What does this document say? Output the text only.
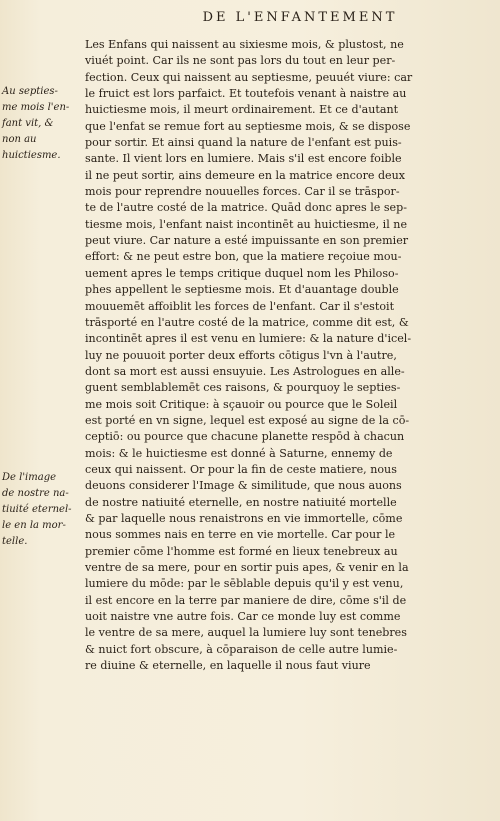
DE L'ENFANTEMENT
Au septies-
me mois l'en-
fant vit, &
non au
huictiesme.
De l'image
de nostre na-
tiuité eternel-
le en la mor-
telle.
Les Enfans qui naissent au sixiesme mois, & plustost, ne
viuét point. Car ils ne sont pas lors du tout en leur per-
fection. Ceux qui naissent au septiesme, peuuét viure: car
le fruict est lors parfaict. Et toutefois venant à naistre au
huictiesme mois, il meurt ordinairement. Et ce d'autant
que l'enfat se remue fort au septiesme mois, & se dispose
pour sortir. Et ainsi quand la nature de l'enfant est puis-
sante. Il vient lors en lumiere. Mais s'il est encore foible
il ne peut sortir, ains demeure en la matrice encore deux
mois pour reprendre nouuelles forces. Car il se trāspor-
te de l'autre costé de la matrice. Quād donc apres le sep-
tiesme mois, l'enfant naist incontinēt au huictiesme, il ne
peut viure. Car nature a esté impuissante en son premier
effort: & ne peut estre bon, que la matiere reçoiue mou-
uement apres le temps critique duquel nom les Philoso-
phes appellent le septiesme mois. Et d'auantage double
mouuemēt affoiblit les forces de l'enfant. Car il s'estoit
trāsporté en l'autre costé de la matrice, comme dit est, &
incontinēt apres il est venu en lumiere: & la nature d'icel-
luy ne pouuoit porter deux efforts cōtigus l'vn à l'autre,
dont sa mort est aussi ensuyuie. Les Astrologues en alle-
guent semblablemēt ces raisons, & pourquoy le septies-
me mois soit Critique: à sçauoir ou pource que le Soleil
est porté en vn signe, lequel est exposé au signe de la cō-
ceptiō: ou pource que chacune planette respōd à chacun
mois: & le huictiesme est donné à Saturne, ennemy de
ceux qui naissent. Or pour la fin de ceste matiere, nous
deuons considerer l'Image & similitude, que nous auons
de nostre natiuité eternelle, en nostre natiuité mortelle
& par laquelle nous renaistrons en vie immortelle, cōme
nous sommes nais en terre en vie mortelle. Car pour le
premier cōme l'homme est formé en lieux tenebreux au
ventre de sa mere, pour en sortir puis apes, & venir en la
lumiere du mōde: par le sēblable depuis qu'il y est venu,
il est encore en la terre par maniere de dire, cōme s'il de
uoit naistre vne autre fois. Car ce monde luy est comme
le ventre de sa mere, auquel la lumiere luy sont tenebres
& nuict fort obscure, à cōparaison de celle autre lumie-
re diuine & eternelle, en laquelle il nous faut viure
